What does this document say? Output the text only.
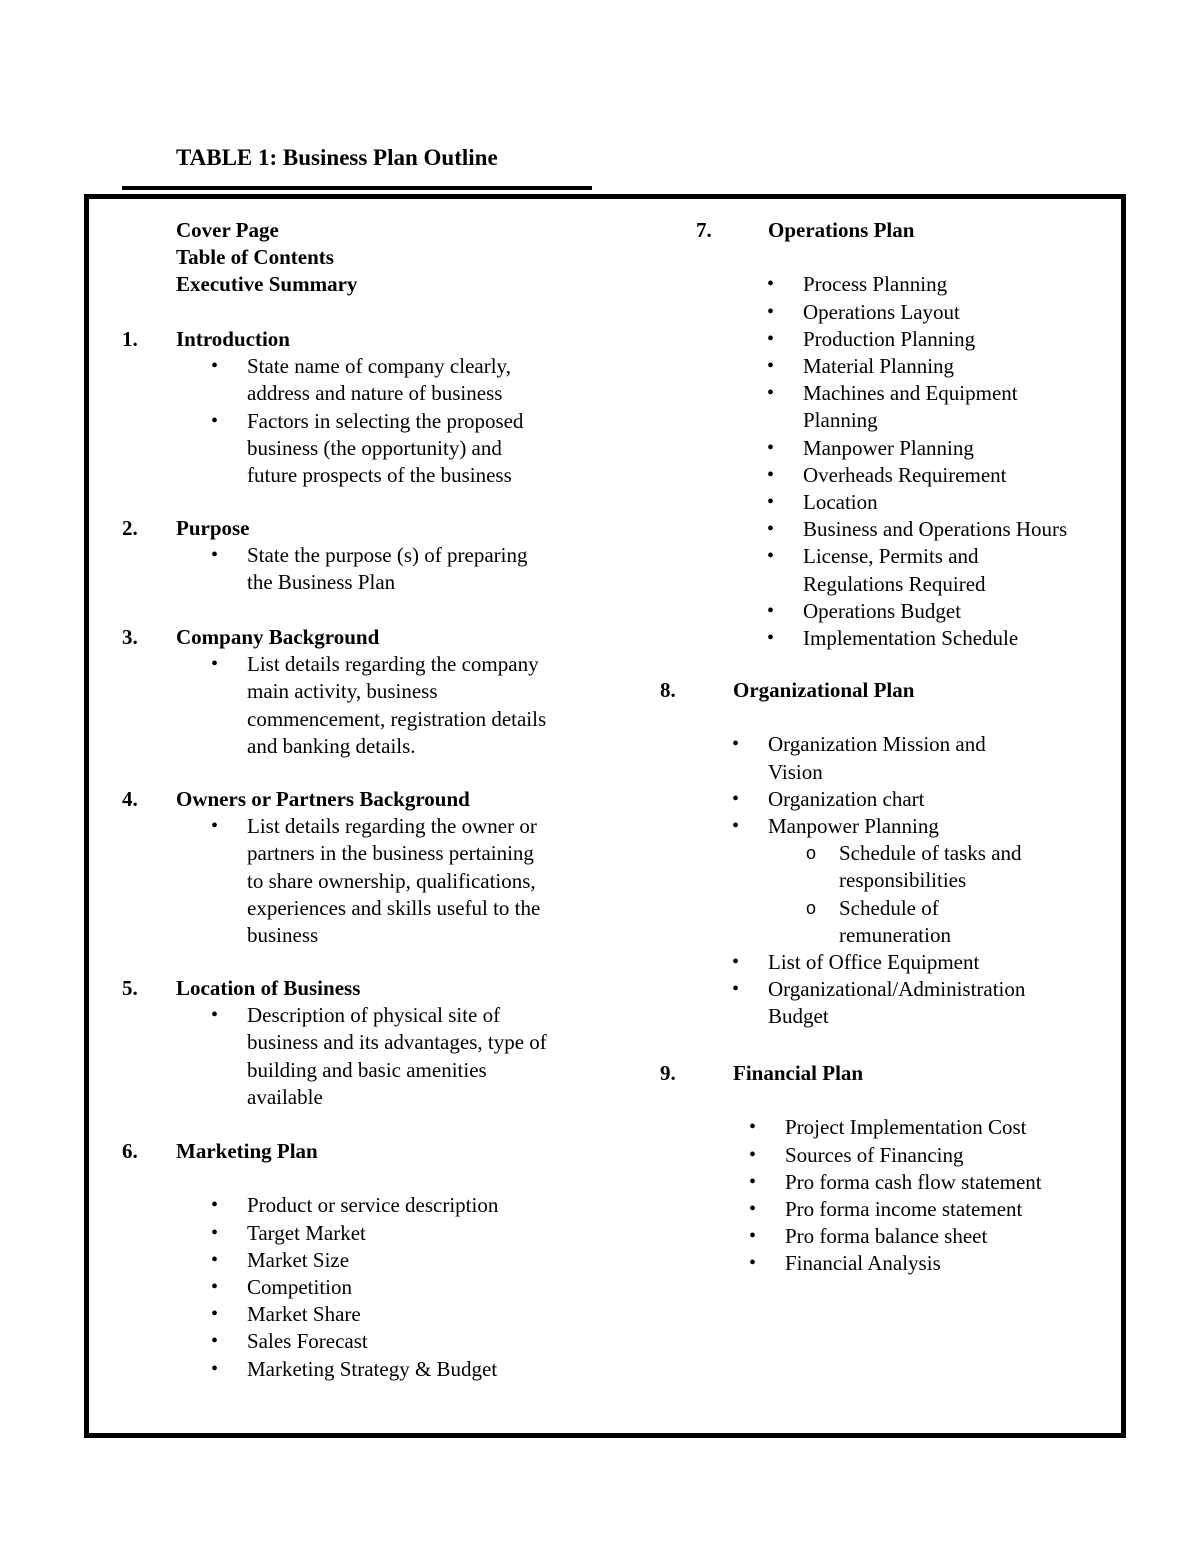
TABLE 1: Business Plan Outline
Cover Page
Table of Contents
Executive Summary
1. Introduction
• State name of company clearly,
address and nature of business
• Factors in selecting the proposed
business (the opportunity) and
future prospects of the business
2. Purpose
• State the purpose (s) of preparing
the Business Plan
3. Company Background
• List details regarding the company
main activity, business
commencement, registration details
and banking details.
4. Owners or Partners Background
• List details regarding the owner or
partners in the business pertaining
to share ownership, qualifications,
experiences and skills useful to the
business
5. Location of Business
• Description of physical site of
business and its advantages, type of
building and basic amenities
available
6. Marketing Plan
• Product or service description
• Target Market
• Market Size
• Competition
• Market Share
• Sales Forecast
• Marketing Strategy & Budget
7.	Operations Plan
• Process Planning
• Operations Layout
• Production Planning
• Material Planning
• Machines and Equipment
Planning
• Manpower Planning
• Overheads Requirement
• Location
• Business and Operations Hours
• License, Permits and
Regulations Required
• Operations Budget
• Implementation Schedule
8.	Organizational Plan
• Organization Mission and
Vision
• Organization chart
• Manpower Planning
o Schedule of tasks and
responsibilities
o Schedule of
remuneration
• List of Office Equipment
• Organizational/Administration
Budget
9.	Financial Plan
• Project Implementation Cost
• Sources of Financing
• Pro forma cash flow statement
• Pro forma income statement
• Pro forma balance sheet
• Financial Analysis
